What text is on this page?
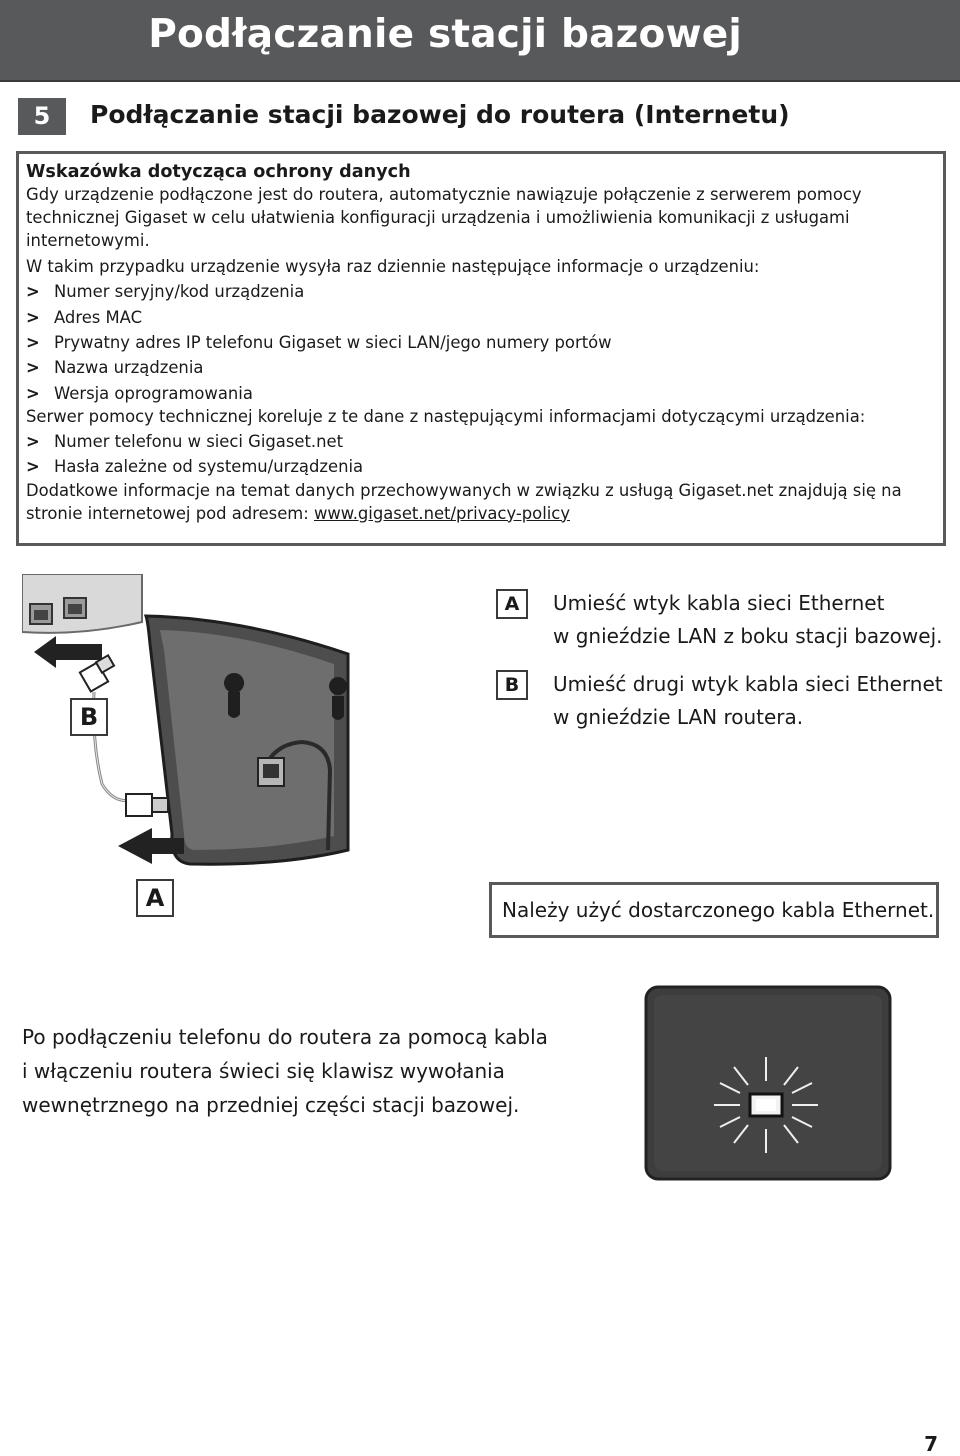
Podłączanie stacji bazowej
5	Podłączanie stacji bazowej do routera (Internetu)
Wskazówka dotycząca ochrony danych

Gdy urządzenie podłączone jest do routera, automatycznie nawiązuje połączenie z serwerem pomocy technicznej Gigaset w celu ułatwienia konfiguracji urządzenia i umożliwienia komunikacji z usługami internetowymi.

W takim przypadku urządzenie wysyła raz dziennie następujące informacje o urządzeniu:

> Numer seryjny/kod urządzenia
> Adres MAC
> Prywatny adres IP telefonu Gigaset w sieci LAN/jego numery portów
> Nazwa urządzenia
> Wersja oprogramowania

Serwer pomocy technicznej koreluje z te dane z następującymi informacjami dotyczącymi urządzenia:

> Numer telefonu w sieci Gigaset.net
> Hasła zależne od systemu/urządzenia

Dodatkowe informacje na temat danych przechowywanych w związku z usługą Gigaset.net znajdują się na stronie internetowej pod adresem: www.gigaset.net/privacy-policy

B
A
A	Umieść wtyk kabla sieci Ethernet
w gnieździe LAN z boku stacji bazowej.
B	Umieść drugi wtyk kabla sieci Ethernet
w gnieździe LAN routera.
Należy użyć dostarczonego kabla Ethernet.
Po podłączeniu telefonu do routera za pomocą kabla
i włączeniu routera świeci się klawisz wywołania
wewnętrznego na przedniej części stacji bazowej.
7
